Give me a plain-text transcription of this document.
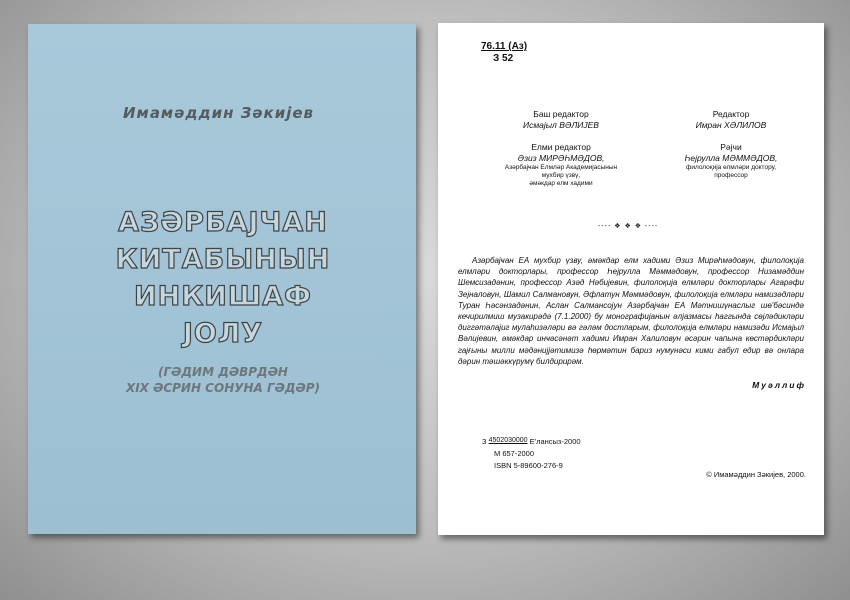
Имамәддин Зәкијев
АЗӘРБАЈЧАН
КИТАБЫНЫН
ИНКИШАФ
ЈОЛУ
(ГӘДИМ ДӘВРДӘН
XIX ӘСРИН СОНУНА ГӘДӘР)
76.11 (Аз)
З 52
Баш редактор
Исмајыл ВӘЛИЈЕВ
Редактор
Имран ХӘЛИЛОВ
Елми редактор
Әзиз МИРӘҺМӘДОВ,
Азәрбајҹан Елмләр Академијасынын
мухбир үзвү,
әмәкдар елм хадими
Рәјчи
Һејрулла МӘММӘДОВ,
филолоқија елмләри доктору,
профессор
---- ❖ ❖ ❖ ----
Азәрбајҹан ЕА мухбир үзву, әмәкдар елм хадими Әзиз Мирәһмәдовун, филолоқија елмләри докторлары, профессор Һејрулла Мәммәдовун, профессор Низамәддин Шемсизадәнин, профессор Азәд Нәбијевин, филолоқија елмләри докторлары Агарәфи Зејналовун, Шамил Салмановун, Әфлатун Мәммәдовун, филолоқија елмләри намизәдләри Туран Һәсәнзадәнин, Аслан Салмансојун Азәрбајҹан ЕА Мәтнишүнаслыг шө'бәсиндә кечирилмиш музакирәдә (7.1.2000) бу монографијанын әлјазмасы һаггында сөјләдикләри диггәтәлајиг мулаһизәләри вә гәләм достларым, филолоқија елмләри намизәди Исмајыл Вәлијевин, әмәкдар инҹәсәнәт хадими Имран Халиловун әсәрин чапына көстәрдикләри гајғыны милли мәдәнијјәтимизә һөрмәтин бариз нумунәси кими габул едир вә онлара дәрин тәшәккүрумү билдирирәм.
Муәллиф
З 4502030000 Е'лансыз-2000
М 657-2000
ISBN 5-89600-276-9
© Имамәддин Зәкијев, 2000.
